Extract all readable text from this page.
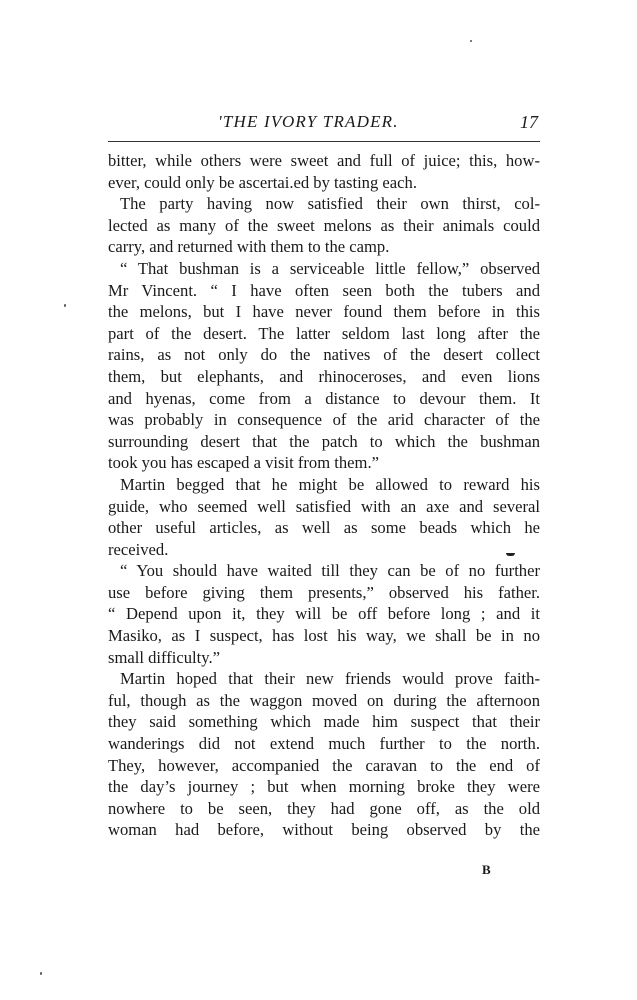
'THE IVORY TRADER.	17
bitter, while others were sweet and full of juice; this, how-
ever, could only be ascertai.ed by tasting each.
The party having now satisfied their own thirst, col-
lected as many of the sweet melons as their animals could
carry, and returned with them to the camp.
“ That bushman is a serviceable little fellow,” observed
Mr Vincent. “ I have often seen both the tubers and
the melons, but I have never found them before in this
part of the desert. The latter seldom last long after the
rains, as not only do the natives of the desert collect
them, but elephants, and rhinoceroses, and even lions
and hyenas, come from a distance to devour them. It
was probably in consequence of the arid character of the
surrounding desert that the patch to which the bushman
took you has escaped a visit from them.”
Martin begged that he might be allowed to reward his
guide, who seemed well satisfied with an axe and several
other useful articles, as well as some beads which he
received.
“ You should have waited till they can be of no further
use before giving them presents,” observed his father.
“ Depend upon it, they will be off before long ; and it
Masiko, as I suspect, has lost his way, we shall be in no
small difficulty.”
Martin hoped that their new friends would prove faith-
ful, though as the waggon moved on during the afternoon
they said something which made him suspect that their
wanderings did not extend much further to the north.
They, however, accompanied the caravan to the end of
the day’s journey ; but when morning broke they were
nowhere to be seen, they had gone off, as the old
woman had before, without being observed by the
B
